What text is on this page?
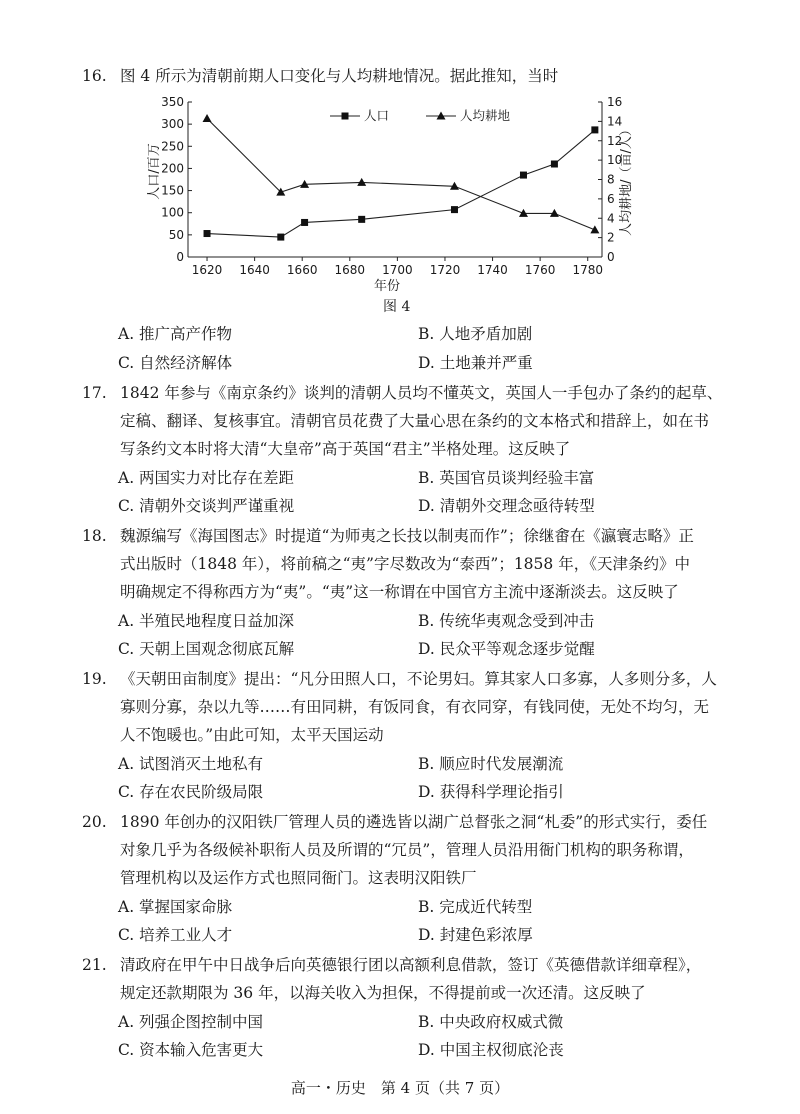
16. 图 4 所示为清朝前期人口变化与人均耕地情况。据此推知，当时
0
50
100
150
200
250
300
350
0
2
4
6
8
10
12
14
16
1620 1640 1660 1680 1700 1720 1740 1760 1780
年份
人口/百万	人均耕地/（亩/人）
人口	人均耕地
图 4
A. 推广高产作物	B. 人地矛盾加剧
C. 自然经济解体	D. 土地兼并严重
17. 1842 年参与《南京条约》谈判的清朝人员均不懂英文，英国人一手包办了条约的起草、
定稿、翻译、复核事宜。清朝官员花费了大量心思在条约的文本格式和措辞上，如在书
写条约文本时将大清“大皇帝”高于英国“君主”半格处理。这反映了
A. 两国实力对比存在差距	B. 英国官员谈判经验丰富
C. 清朝外交谈判严谨重视	D. 清朝外交理念亟待转型
18. 魏源编写《海国图志》时提道“为师夷之长技以制夷而作”；徐继畬在《瀛寰志略》正
式出版时（1848 年），将前稿之“夷”字尽数改为“泰西”；1858 年，《天津条约》中
明确规定不得称西方为“夷”。“夷”这一称谓在中国官方主流中逐渐淡去。这反映了
A. 半殖民地程度日益加深	B. 传统华夷观念受到冲击
C. 天朝上国观念彻底瓦解	D. 民众平等观念逐步觉醒
19. 《天朝田亩制度》提出：“凡分田照人口，不论男妇。算其家人口多寡，人多则分多，人
寡则分寡，杂以九等……有田同耕，有饭同食，有衣同穿，有钱同使，无处不均匀，无
人不饱暖也。”由此可知，太平天国运动
A. 试图消灭土地私有	B. 顺应时代发展潮流
C. 存在农民阶级局限	D. 获得科学理论指引
20. 1890 年创办的汉阳铁厂管理人员的遴选皆以湖广总督张之洞“札委”的形式实行，委任
对象几乎为各级候补职衔人员及所谓的“冗员”，管理人员沿用衙门机构的职务称谓，
管理机构以及运作方式也照同衙门。这表明汉阳铁厂
A. 掌握国家命脉	B. 完成近代转型
C. 培养工业人才	D. 封建色彩浓厚
21. 清政府在甲午中日战争后向英德银行团以高额利息借款，签订《英德借款详细章程》，
规定还款期限为 36 年，以海关收入为担保，不得提前或一次还清。这反映了
A. 列强企图控制中国	B. 中央政府权威式微
C. 资本输入危害更大	D. 中国主权彻底沦丧
高一・历史　第 4 页（共 7 页）
